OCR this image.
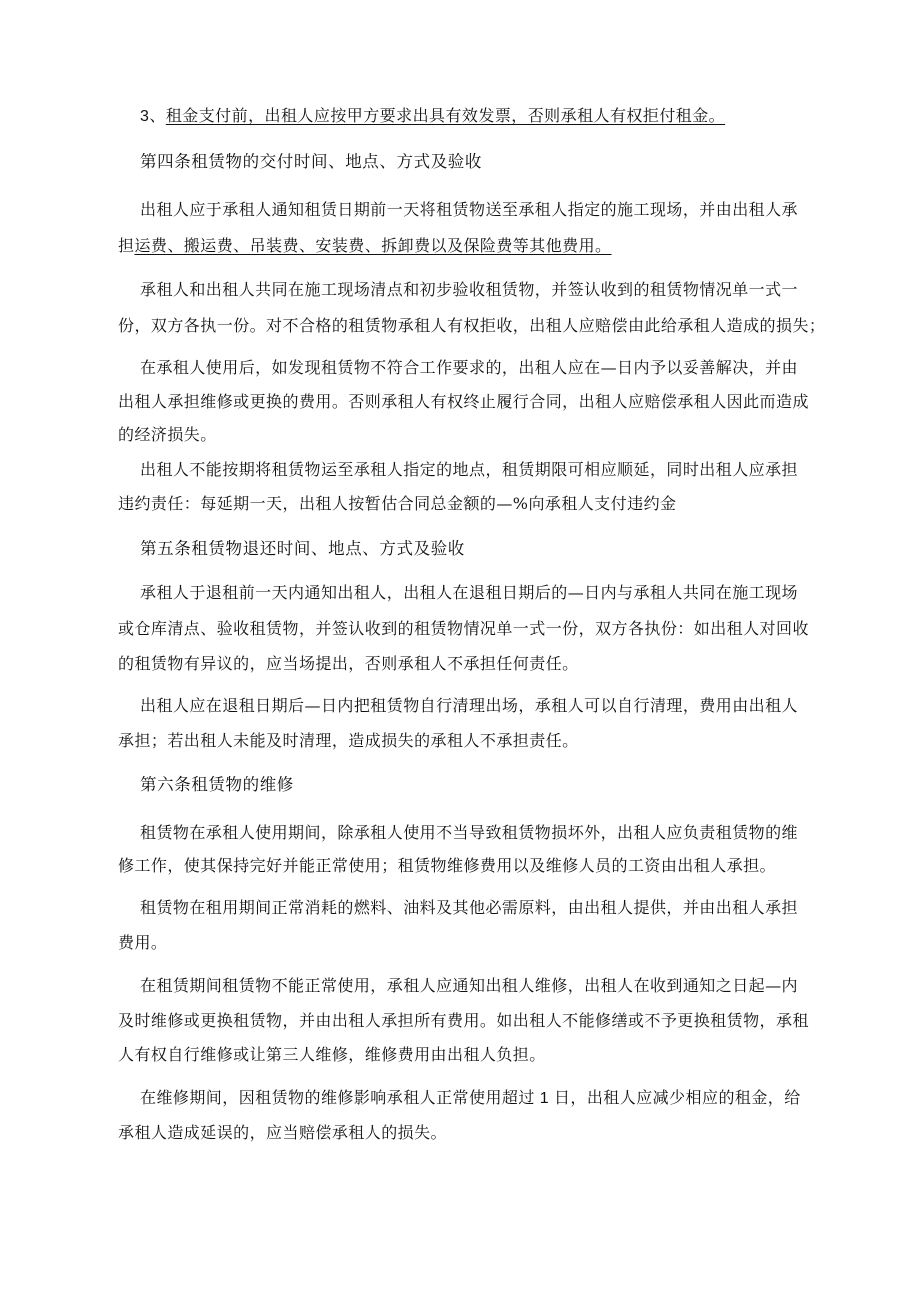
3、租金支付前，出租人应按甲方要求出具有效发票，否则承租人有权拒付租金。
第四条租赁物的交付时间、地点、方式及验收
出租人应于承租人通知租赁日期前一天将租赁物送至承租人指定的施工现场，并由出租人承
担运费、搬运费、吊装费、安装费、拆卸费以及保险费等其他费用。
承租人和出租人共同在施工现场清点和初步验收租赁物，并签认收到的租赁物情况单一式一
份，双方各执一份。对不合格的租赁物承租人有权拒收，出租人应赔偿由此给承租人造成的损失；
在承租人使用后，如发现租赁物不符合工作要求的，出租人应在—日内予以妥善解决，并由
出租人承担维修或更换的费用。否则承租人有权终止履行合同，出租人应赔偿承租人因此而造成
的经济损失。
出租人不能按期将租赁物运至承租人指定的地点，租赁期限可相应顺延，同时出租人应承担
违约责任：每延期一天，出租人按暂估合同总金额的—%向承租人支付违约金
第五条租赁物退还时间、地点、方式及验收
承租人于退租前一天内通知出租人，出租人在退租日期后的—日内与承租人共同在施工现场
或仓库清点、验收租赁物，并签认收到的租赁物情况单一式一份，双方各执份：如出租人对回收
的租赁物有异议的，应当场提出，否则承租人不承担任何责任。
出租人应在退租日期后—日内把租赁物自行清理出场，承租人可以自行清理，费用由出租人
承担；若出租人未能及时清理，造成损失的承租人不承担责任。
第六条租赁物的维修
租赁物在承租人使用期间，除承租人使用不当导致租赁物损坏外，出租人应负责租赁物的维
修工作，使其保持完好并能正常使用；租赁物维修费用以及维修人员的工资由出租人承担。
租赁物在租用期间正常消耗的燃料、油料及其他必需原料，由出租人提供，并由出租人承担
费用。
在租赁期间租赁物不能正常使用，承租人应通知出租人维修，出租人在收到通知之日起—内
及时维修或更换租赁物，并由出租人承担所有费用。如出租人不能修缮或不予更换租赁物，承租
人有权自行维修或让第三人维修，维修费用由出租人负担。
在维修期间，因租赁物的维修影响承租人正常使用超过 1 日，出租人应减少相应的租金，给
承租人造成延误的，应当赔偿承租人的损失。
